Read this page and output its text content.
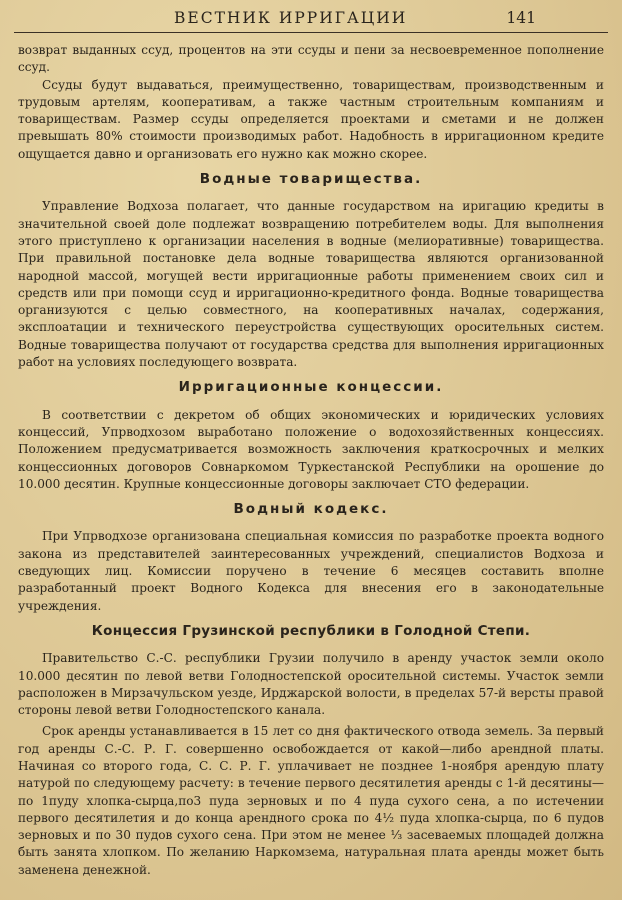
ВЕСТНИК ИРРИГАЦИИ	141

возврат выданных ссуд, процентов на эти ссуды и пени за несвоевременное пополнение ссуд.

Ссуды будут выдаваться, преимущественно, товариществам, производственным и трудовым артелям, кооперативам, а также частным строительным компаниям и товариществам. Размер ссуды определяется проектами и сметами и не должен превышать 80% стоимости производимых работ. Надобность в ирригационном кредите ощущается давно и организовать его нужно как можно скорее.

Водные товарищества.

Управление Водхоза полагает, что данные государством на иригацию кредиты в значительной своей доле подлежат возвращению потребителем воды. Для выполнения этого приступлено к организации населения в водные (мелиоративные) товарищества. При правильной постановке дела водные товарищества являются организованной народной массой, могущей вести ирригационные работы применением своих сил и средств или при помощи ссуд и ирригационно-кредитного фонда. Водные товарищества организуются с целью совместного, на кооперативных началах, содержания, эксплоатации и технического переустройства существующих оросительных систем. Водные товарищества получают от государства средства для выполнения ирригационных работ на условиях последующего возврата.

Ирригационные концессии.

В соответствии с декретом об общих экономических и юридических условиях концессий, Упрводхозом выработано положение о водохозяйственных концессиях. Положением предусматривается возможность заключения краткосрочных и мелких концессионных договоров Совнаркомом Туркестанской Республики на орошение до 10.000 десятин. Крупные концессионные договоры заключает СТО федерации.

Водный кодекс.

При Упрводхозе организована специальная комиссия по разработке проекта водного закона из представителей заинтересованных учреждений, специалистов Водхоза и сведующих лиц. Комиссии поручено в течение 6 месяцев составить вполне разработанный проект Водного Кодекса для внесения его в законодательные учреждения.

Концессия Грузинской республики в Голодной Степи.

Правительство С.-С. республики Грузии получило в аренду участок земли около 10.000 десятин по левой ветви Голодностепской оросительной системы. Участок земли расположен в Мирзачульском уезде, Ирджарской волости, в пределах 57-й версты правой стороны левой ветви Голодностепского канала.

Срок аренды устанавливается в 15 лет со дня фактического отвода земель. За первый год аренды С.-С. Р. Г. совершенно освобождается от какой—либо арендной платы. Начиная со второго года, С. С. Р. Г. уплачивает не позднее 1-ноября арендую плату натурой по следующему расчету: в течение первого десятилетия аренды с 1-й десятины—по 1пуду хлопка-сырца,по3 пуда зерновых и по 4 пуда сухого сена, а по истечении первого десятилетия и до конца арендного срока по 4½ пуда хлопка-сырца, по 6 пудов зерновых и по 30 пудов сухого сена. При этом не менее ⅓ засеваемых площадей должна быть занята хлопком. По желанию Наркомзема, натуральная плата аренды может быть заменена денежной.
